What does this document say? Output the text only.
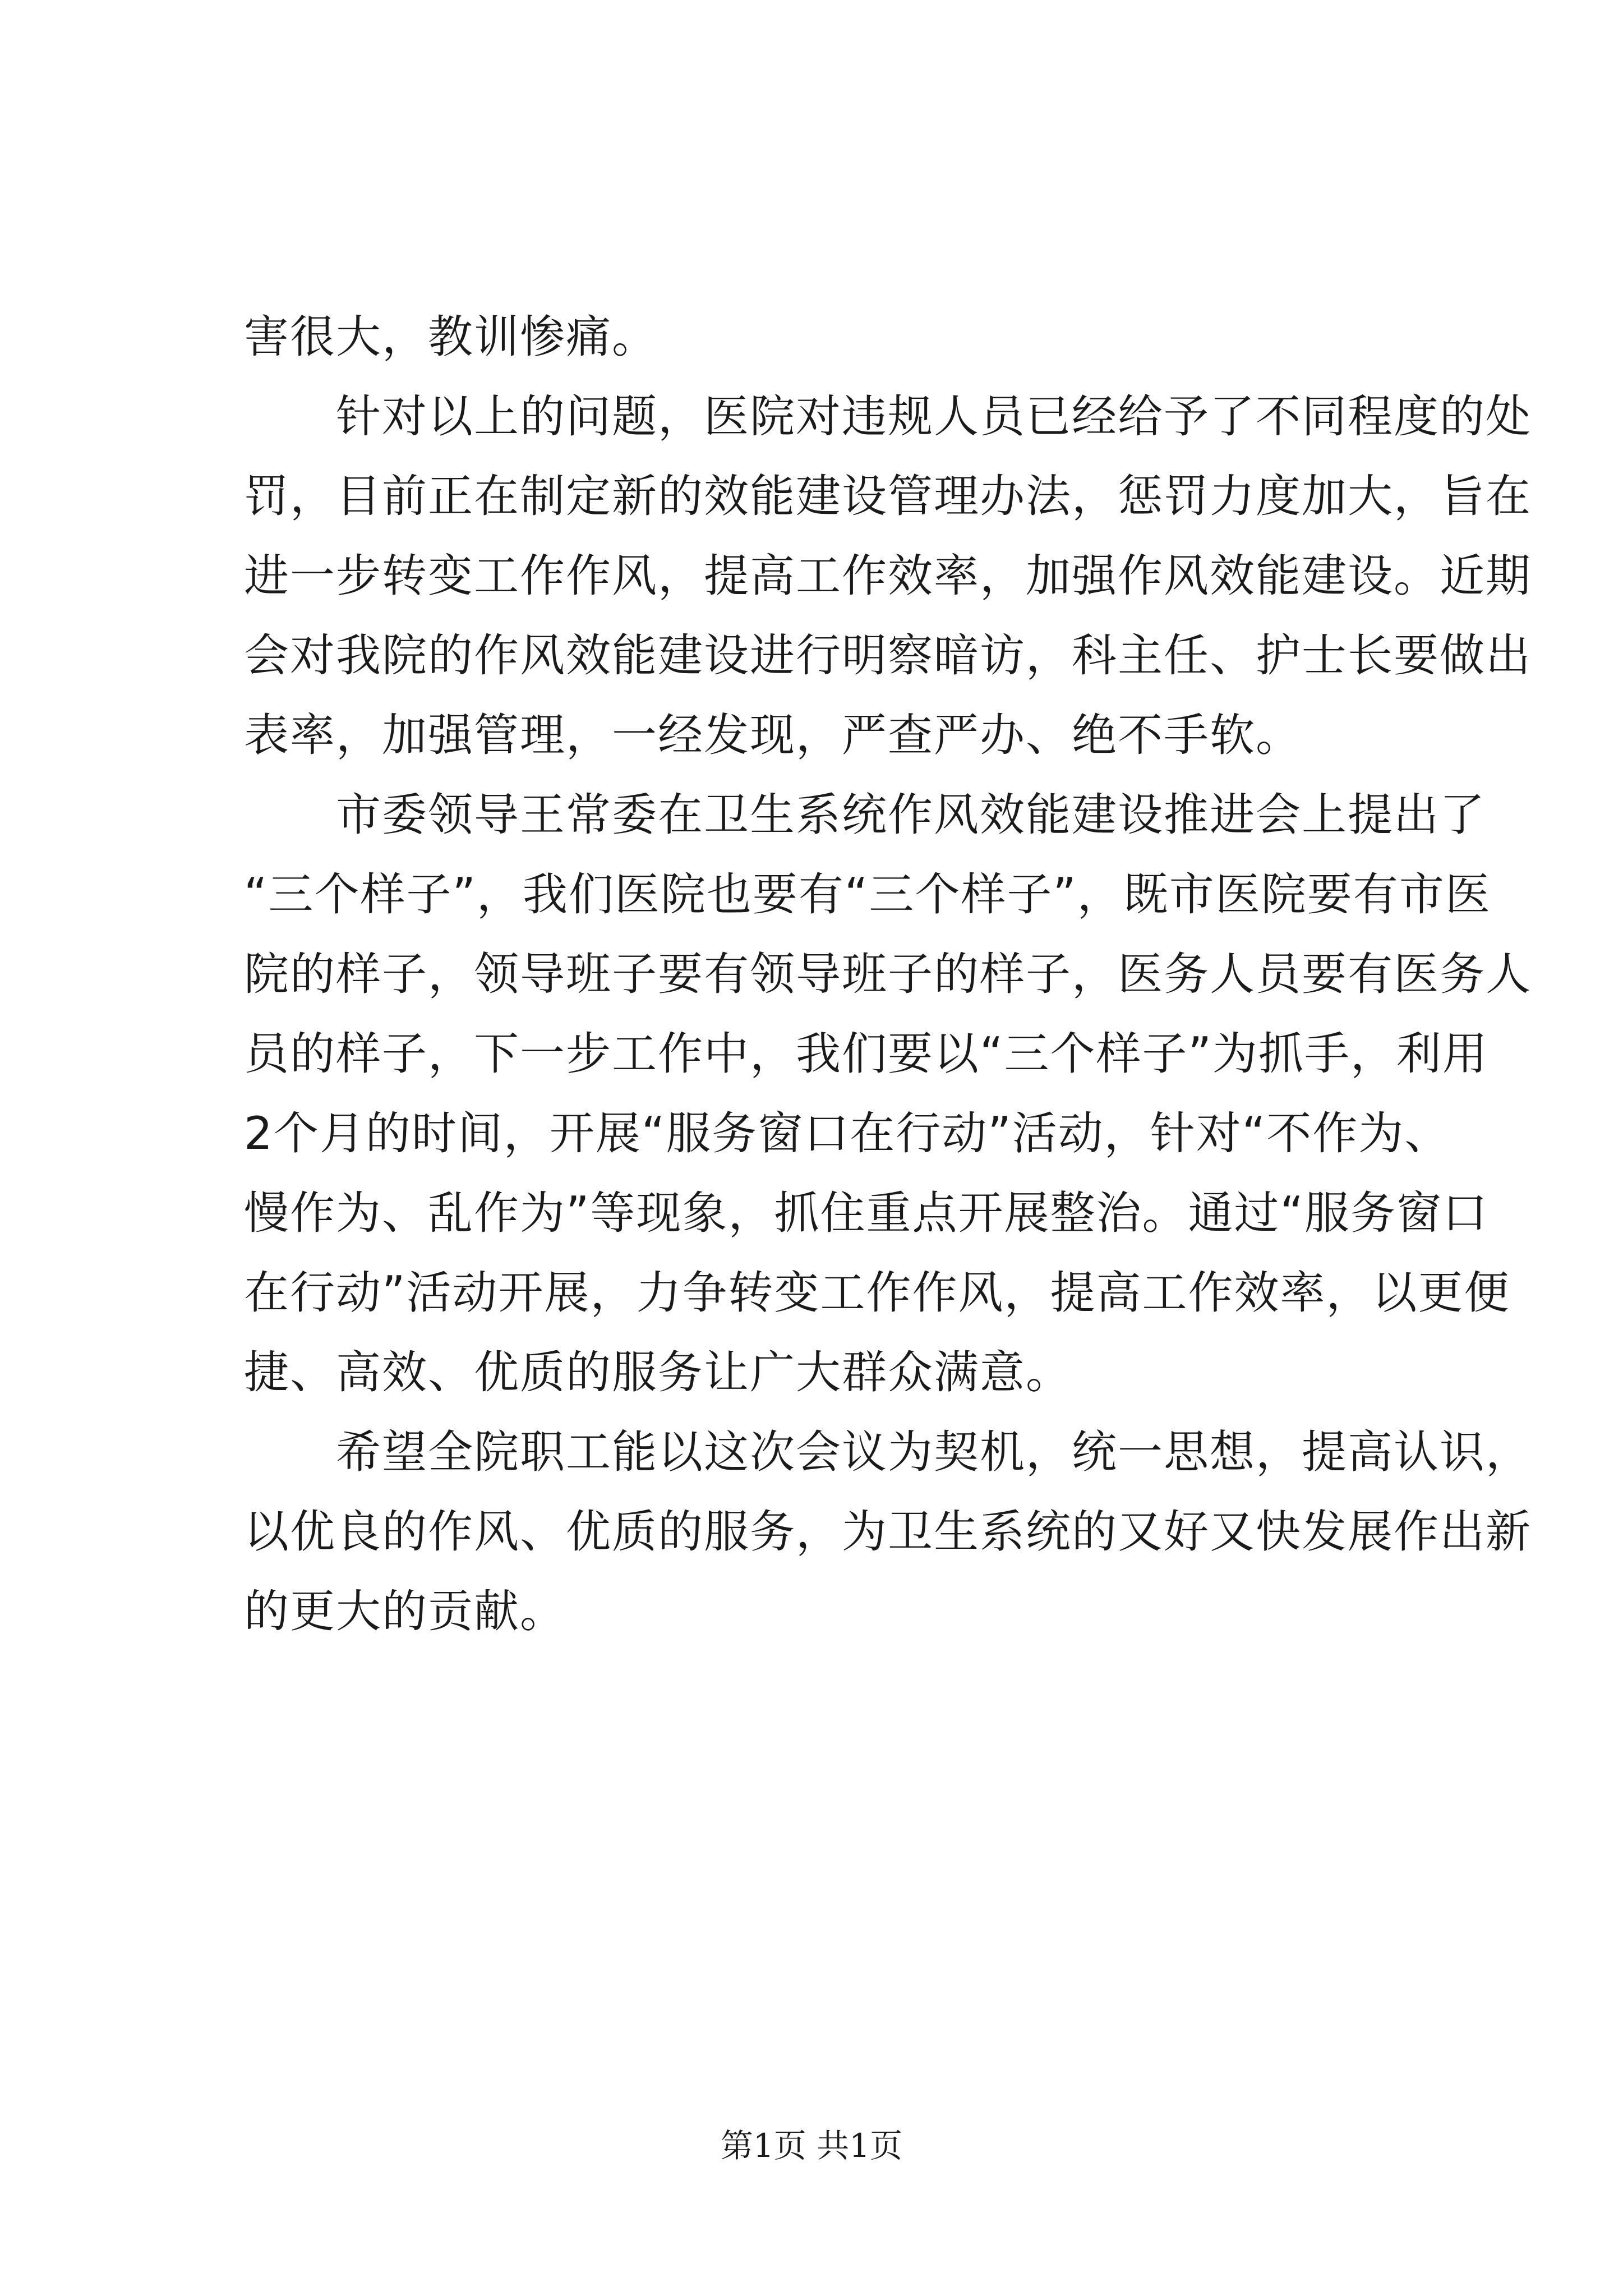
害很大，教训惨痛。
针对以上的问题，医院对违规人员已经给予了不同程度的处
罚，目前正在制定新的效能建设管理办法，惩罚力度加大，旨在
进一步转变工作作风，提高工作效率，加强作风效能建设。近期
会对我院的作风效能建设进行明察暗访，科主任、护士长要做出
表率，加强管理，一经发现，严查严办、绝不手软。
市委领导王常委在卫生系统作风效能建设推进会上提出了
“三个样子”，我们医院也要有“三个样子”，既市医院要有市医
院的样子，领导班子要有领导班子的样子，医务人员要有医务人
员的样子，下一步工作中，我们要以“三个样子”为抓手，利用
2个月的时间，开展“服务窗口在行动”活动，针对“不作为、
慢作为、乱作为”等现象，抓住重点开展整治。通过“服务窗口
在行动”活动开展，力争转变工作作风，提高工作效率，以更便
捷、高效、优质的服务让广大群众满意。
希望全院职工能以这次会议为契机，统一思想，提高认识，
以优良的作风、优质的服务，为卫生系统的又好又快发展作出新
的更大的贡献。
第1页 共1页
